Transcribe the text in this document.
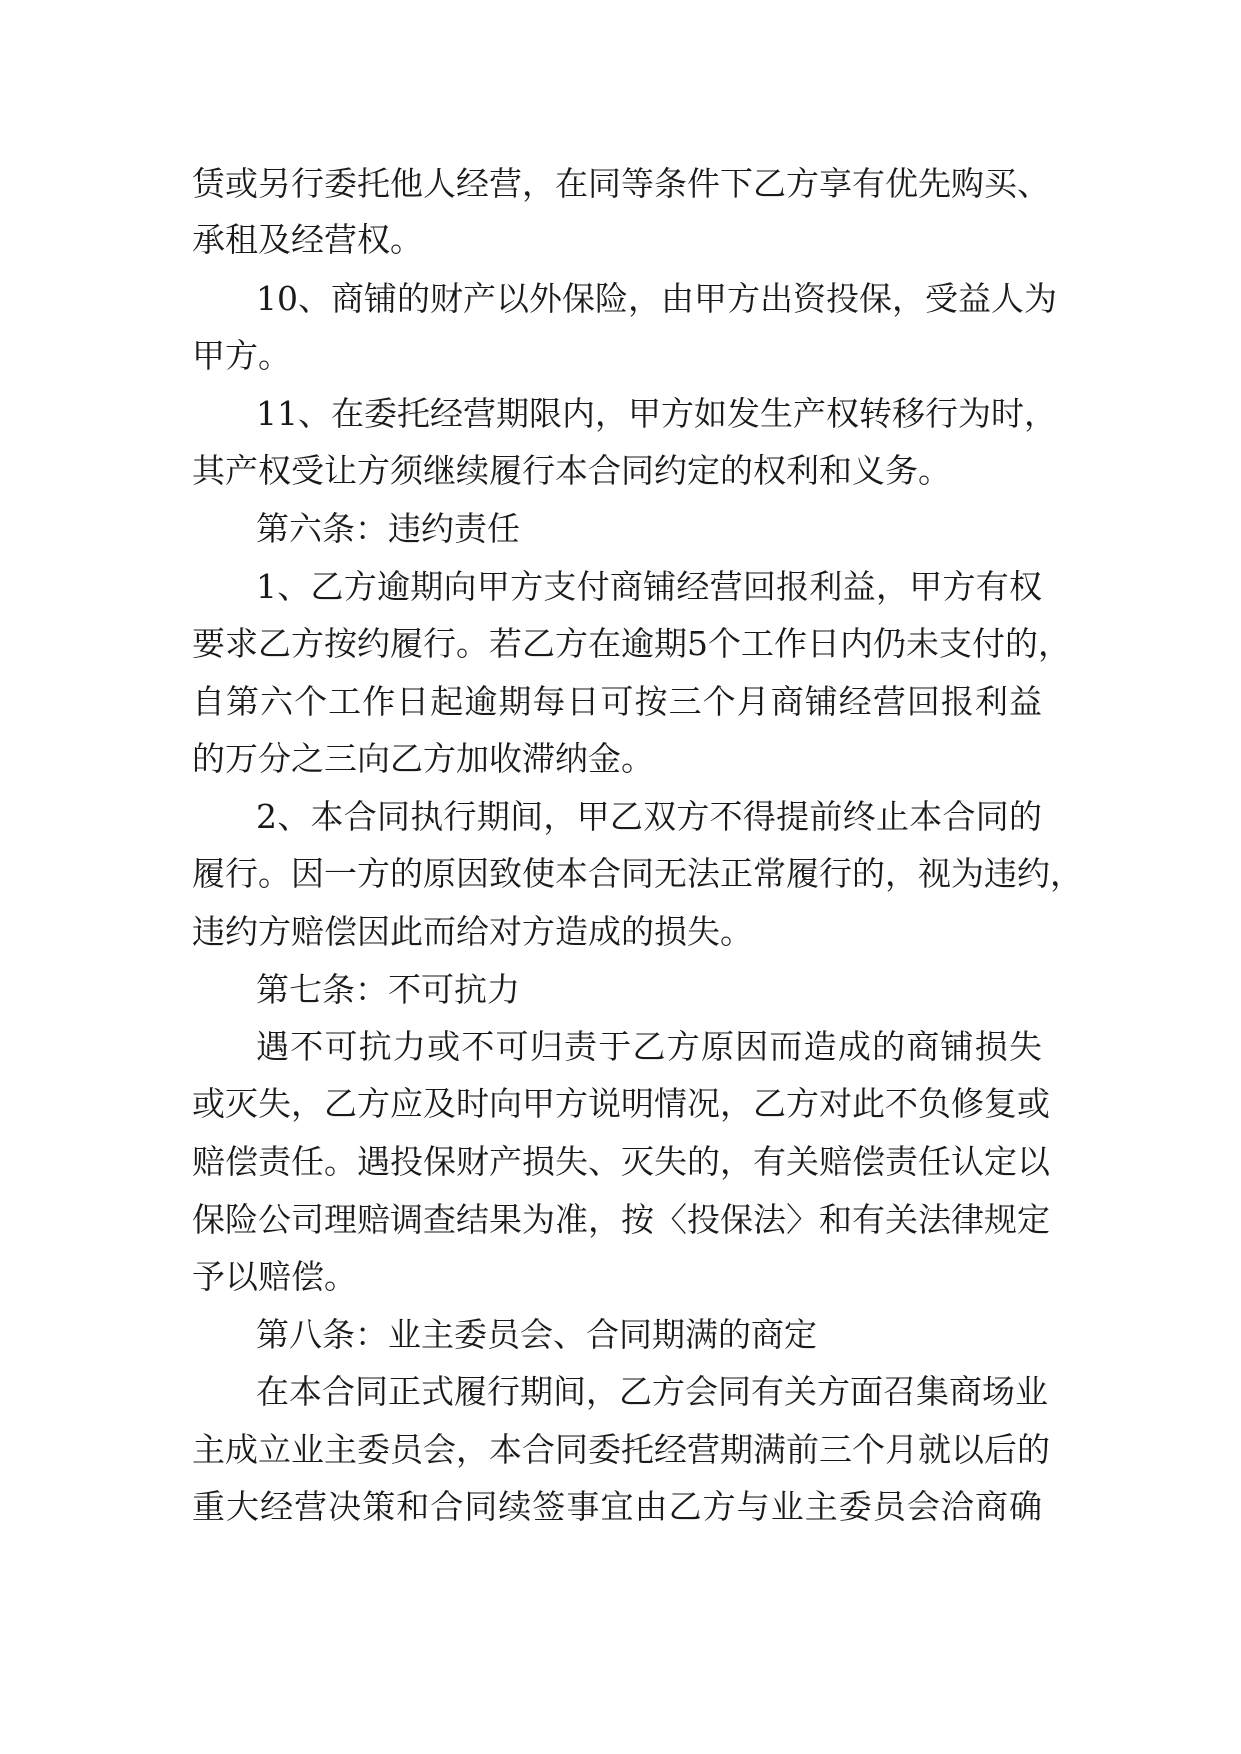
赁或另行委托他人经营，在同等条件下乙方享有优先购买、
承租及经营权。
10、商铺的财产以外保险，由甲方出资投保，受益人为
甲方。
11、在委托经营期限内，甲方如发生产权转移行为时，
其产权受让方须继续履行本合同约定的权利和义务。
第六条：违约责任
1、乙方逾期向甲方支付商铺经营回报利益，甲方有权
要求乙方按约履行。若乙方在逾期5个工作日内仍未支付的，
自第六个工作日起逾期每日可按三个月商铺经营回报利益
的万分之三向乙方加收滞纳金。
2、本合同执行期间，甲乙双方不得提前终止本合同的
履行。因一方的原因致使本合同无法正常履行的，视为违约，
违约方赔偿因此而给对方造成的损失。
第七条：不可抗力
遇不可抗力或不可归责于乙方原因而造成的商铺损失
或灭失，乙方应及时向甲方说明情况，乙方对此不负修复或
赔偿责任。遇投保财产损失、灭失的，有关赔偿责任认定以
保险公司理赔调查结果为准，按〈投保法〉和有关法律规定
予以赔偿。
第八条：业主委员会、合同期满的商定
在本合同正式履行期间，乙方会同有关方面召集商场业
主成立业主委员会，本合同委托经营期满前三个月就以后的
重大经营决策和合同续签事宜由乙方与业主委员会洽商确
